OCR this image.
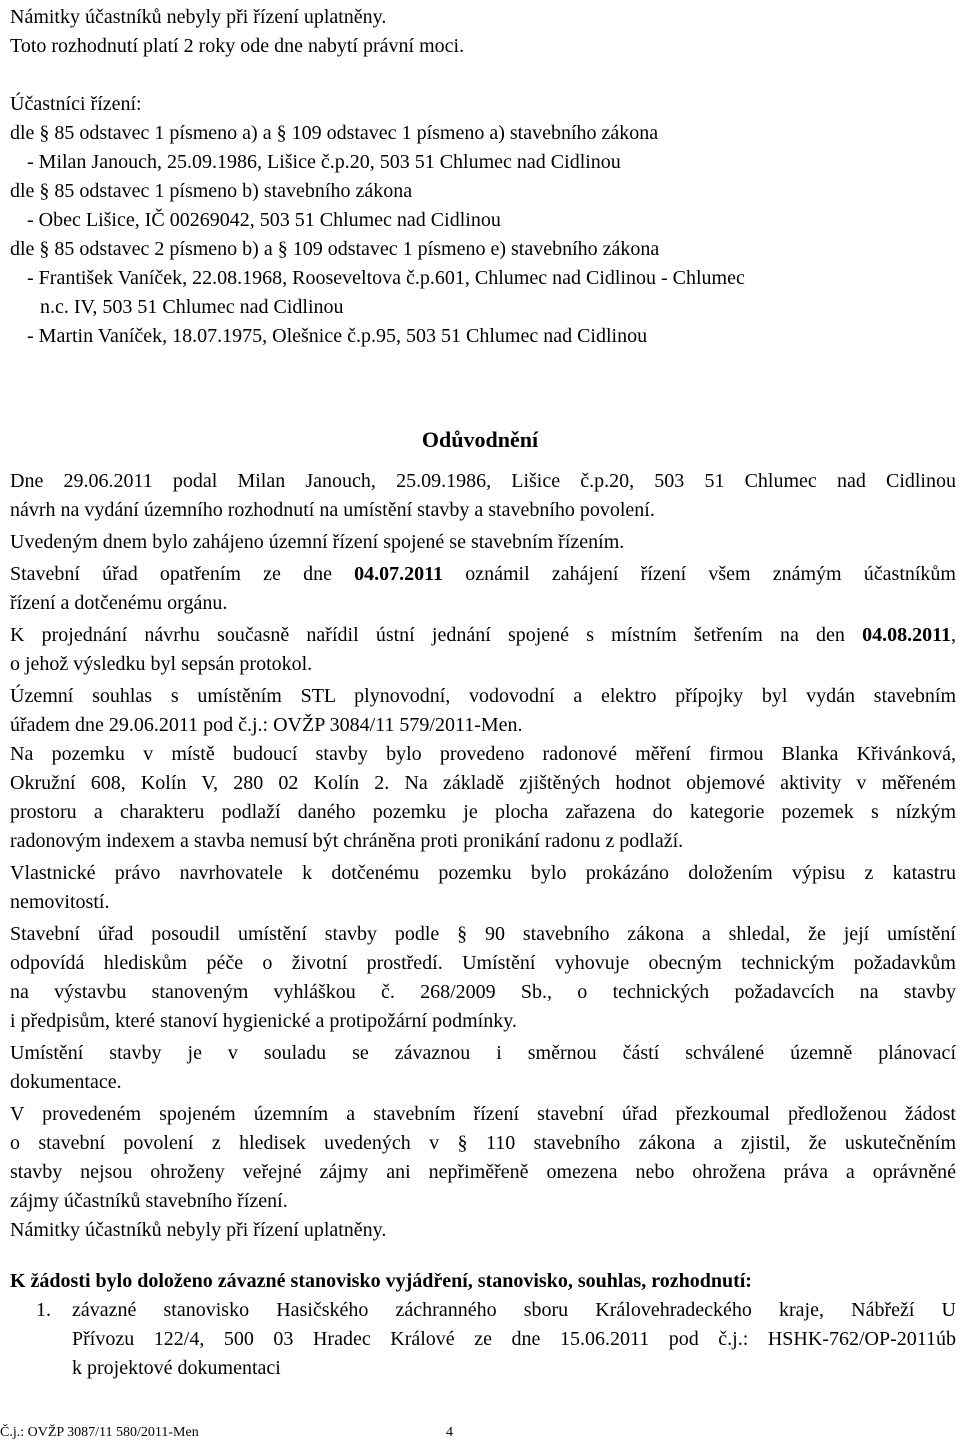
Námitky účastníků nebyly při řízení uplatněny.
Toto rozhodnutí platí 2 roky ode dne nabytí právní moci.
Účastníci řízení:
dle § 85 odstavec 1 písmeno a) a § 109 odstavec 1 písmeno a) stavebního zákona
- Milan Janouch, 25.09.1986, Lišice č.p.20, 503 51 Chlumec nad Cidlinou
dle § 85 odstavec 1 písmeno b) stavebního zákona
- Obec Lišice, IČ 00269042, 503 51 Chlumec nad Cidlinou
dle § 85 odstavec 2 písmeno b) a § 109 odstavec 1 písmeno e) stavebního zákona
- František Vaníček, 22.08.1968, Rooseveltova č.p.601, Chlumec nad Cidlinou - Chlumec
n.c. IV, 503 51 Chlumec nad Cidlinou
- Martin Vaníček, 18.07.1975, Olešnice č.p.95, 503 51 Chlumec nad Cidlinou
Odůvodnění
Dne 29.06.2011 podal Milan Janouch, 25.09.1986, Lišice č.p.20, 503 51 Chlumec nad Cidlinou
návrh na vydání územního rozhodnutí na umístění stavby a stavebního povolení.
Uvedeným dnem bylo zahájeno územní řízení spojené se stavebním řízením.
Stavební úřad opatřením ze dne 04.07.2011 oznámil zahájení řízení všem známým účastníkům
řízení a dotčenému orgánu.
K projednání návrhu současně nařídil ústní jednání spojené s místním šetřením na den 04.08.2011,
o jehož výsledku byl sepsán protokol.
Územní souhlas s umístěním STL plynovodní, vodovodní a elektro přípojky byl vydán stavebním
úřadem dne 29.06.2011 pod č.j.: OVŽP 3084/11 579/2011-Men.
Na pozemku v místě budoucí stavby bylo provedeno radonové měření firmou Blanka Křivánková,
Okružní 608, Kolín V, 280 02 Kolín 2. Na základě zjištěných hodnot objemové aktivity v měřeném
prostoru a charakteru podlaží daného pozemku je plocha zařazena do kategorie pozemek s nízkým
radonovým indexem a stavba nemusí být chráněna proti pronikání radonu z podlaží.
Vlastnické právo navrhovatele k dotčenému pozemku bylo prokázáno doložením výpisu z katastru
nemovitostí.
Stavební úřad posoudil umístění stavby podle § 90 stavebního zákona a shledal, že její umístění
odpovídá hlediskům péče o životní prostředí. Umístění vyhovuje obecným technickým požadavkům
na výstavbu stanoveným vyhláškou č. 268/2009 Sb., o technických požadavcích na stavby
i předpisům, které stanoví hygienické a protipožární podmínky.
Umístění stavby je v souladu se závaznou i směrnou částí schválené územně plánovací
dokumentace.
V provedeném spojeném územním a stavebním řízení stavební úřad přezkoumal předloženou žádost
o stavební povolení z hledisek uvedených v § 110 stavebního zákona a zjistil, že uskutečněním
stavby nejsou ohroženy veřejné zájmy ani nepřiměřeně omezena nebo ohrožena práva a oprávněné
zájmy účastníků stavebního řízení.
Námitky účastníků nebyly při řízení uplatněny.
K žádosti bylo doloženo závazné stanovisko vyjádření, stanovisko, souhlas, rozhodnutí:
1. závazné stanovisko Hasičského záchranného sboru Královehradeckého kraje, Nábřeží U
Přívozu 122/4, 500 03 Hradec Králové ze dne 15.06.2011 pod č.j.: HSHK-762/OP-2011úb
k projektové dokumentaci
Č.j.: OVŽP 3087/11 580/2011-Men	4
